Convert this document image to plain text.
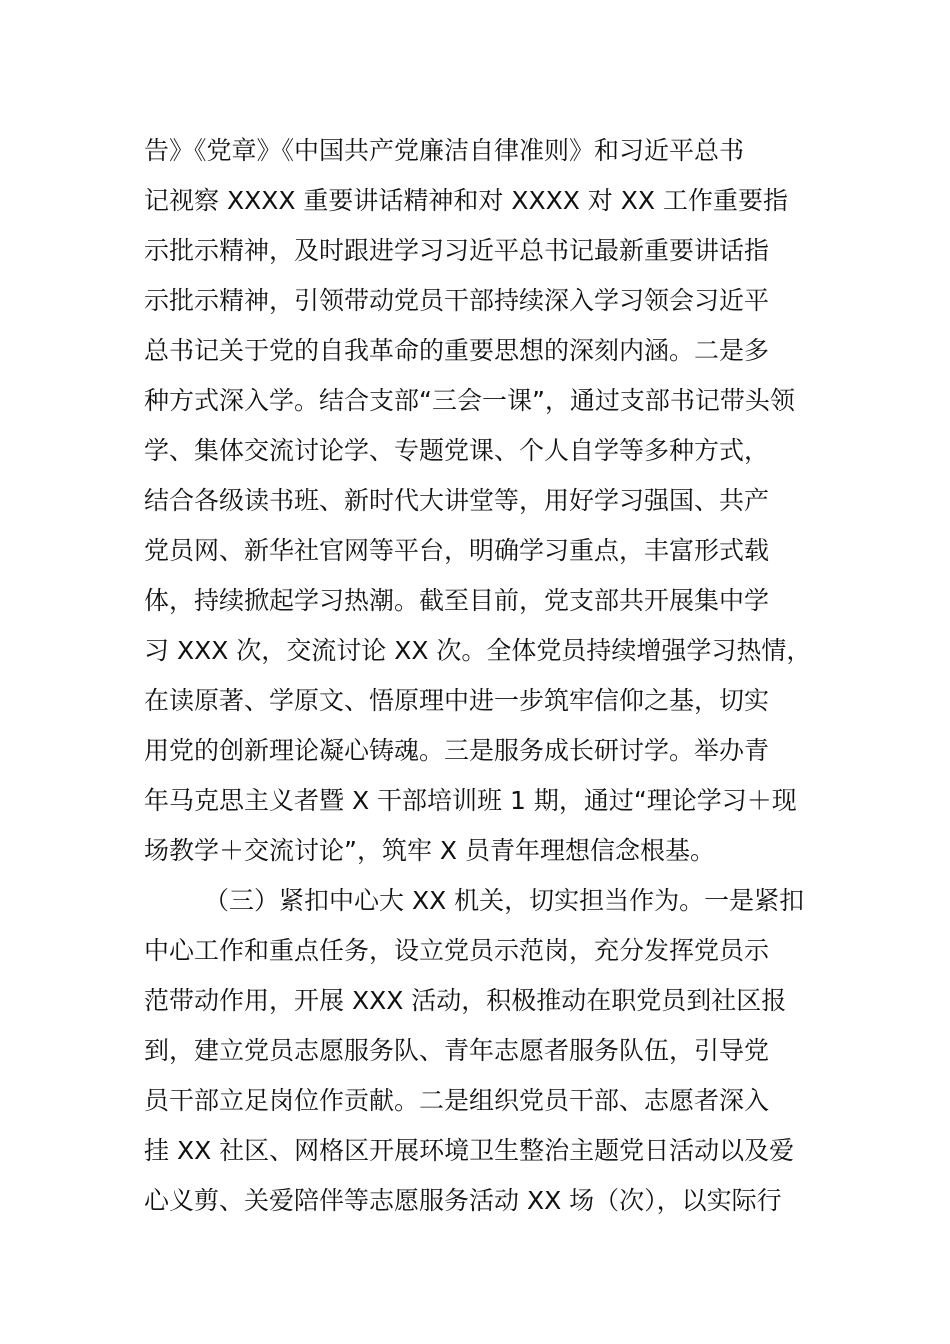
告》《党章》《中国共产党廉洁自律准则》和习近平总书
记视察 XXXX 重要讲话精神和对 XXXX 对 XX 工作重要指
示批示精神，及时跟进学习习近平总书记最新重要讲话指
示批示精神，引领带动党员干部持续深入学习领会习近平
总书记关于党的自我革命的重要思想的深刻内涵。二是多
种方式深入学。结合支部“三会一课”，通过支部书记带头领
学、集体交流讨论学、专题党课、个人自学等多种方式，
结合各级读书班、新时代大讲堂等，用好学习强国、共产
党员网、新华社官网等平台，明确学习重点，丰富形式载
体，持续掀起学习热潮。截至目前，党支部共开展集中学
习 XXX 次，交流讨论 XX 次。全体党员持续增强学习热情，
在读原著、学原文、悟原理中进一步筑牢信仰之基，切实
用党的创新理论凝心铸魂。三是服务成长研讨学。举办青
年马克思主义者暨 X 干部培训班 1 期，通过“理论学习＋现
场教学＋交流讨论”，筑牢 X 员青年理想信念根基。
（三）紧扣中心大 XX 机关，切实担当作为。一是紧扣
中心工作和重点任务，设立党员示范岗，充分发挥党员示
范带动作用，开展 XXX 活动，积极推动在职党员到社区报
到，建立党员志愿服务队、青年志愿者服务队伍，引导党
员干部立足岗位作贡献。二是组织党员干部、志愿者深入
挂 XX 社区、网格区开展环境卫生整治主题党日活动以及爱
心义剪、关爱陪伴等志愿服务活动 XX 场（次），以实际行
